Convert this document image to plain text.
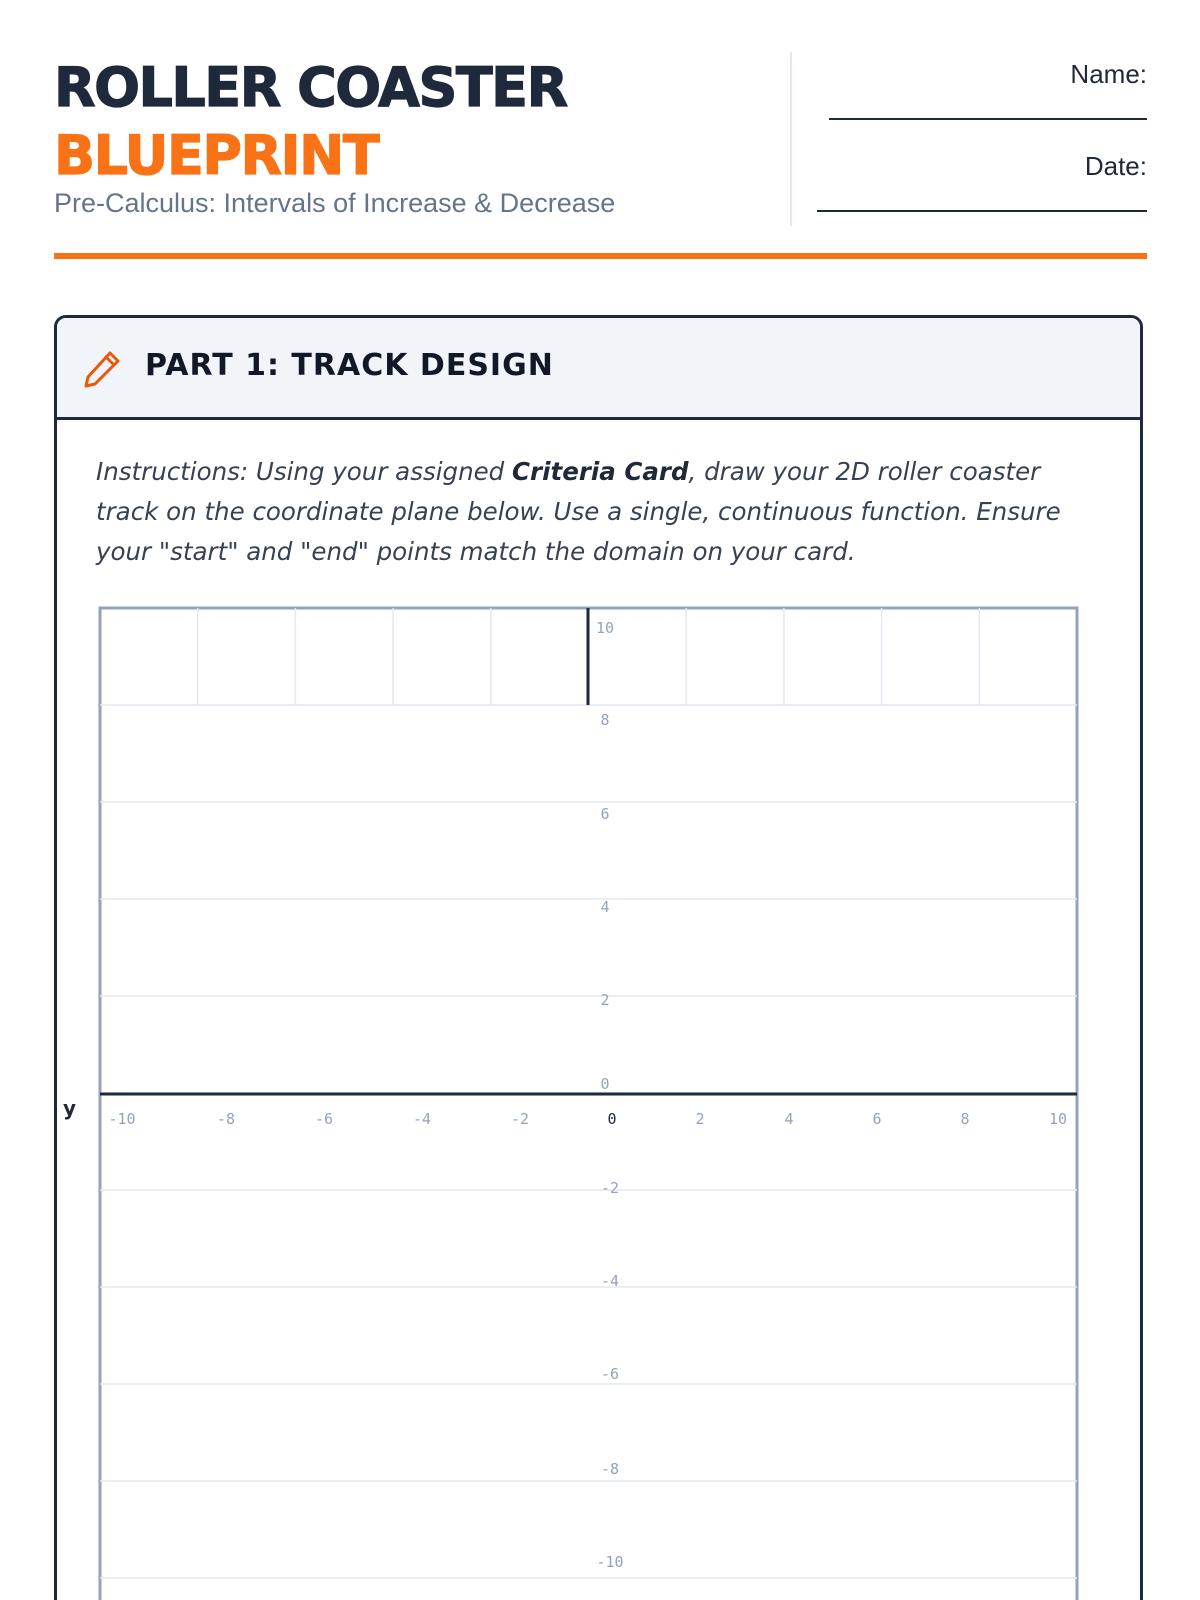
ROLLER COASTER
BLUEPRINT
Pre-Calculus: Intervals of Increase & Decrease
Name:
Date:
PART 1: TRACK DESIGN
Instructions: Using your assigned Criteria Card, draw your 2D roller coaster track on the coordinate plane below. Use a single, continuous function. Ensure your "start" and "end" points match the domain on your card.
-10	-8	-6	-4	-2	0	2	4	6	8	10
10
8
6
4
2
0
-2
-4
-6
-8
-10
y
